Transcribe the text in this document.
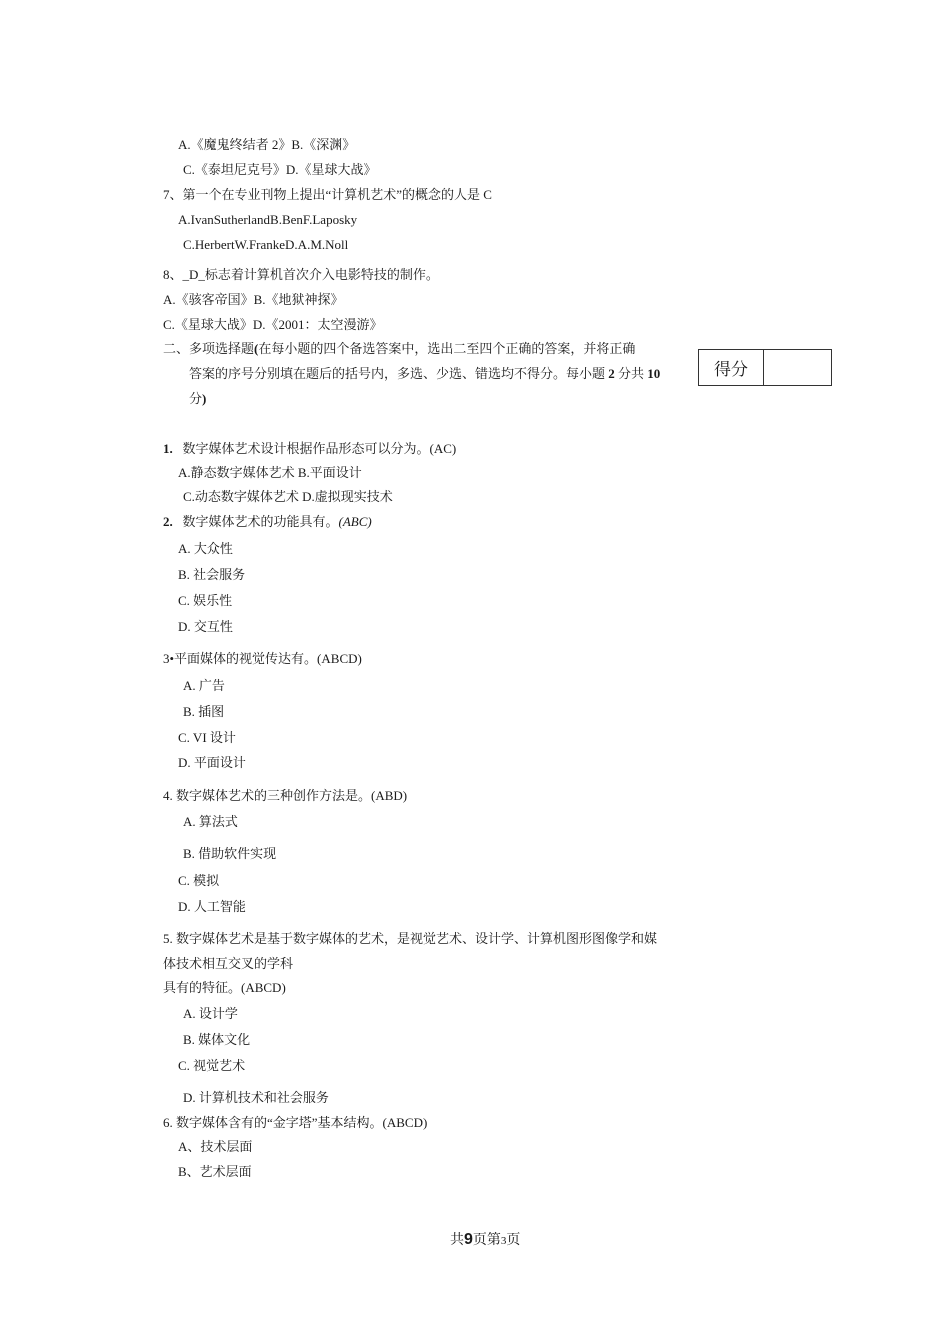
A.《魔鬼终结者 2》B.《深渊》
C.《泰坦尼克号》D.《星球大战》
7、第一个在专业刊物上提出“计算机艺术”的概念的人是 C
A.IvanSutherlandB.BenF.Laposky
C.HerbertW.FrankeD.A.M.Noll
8、_D_标志着计算机首次介入电影特技的制作。
A.《骇客帝国》B.《地狱神探》
C.《星球大战》D.《2001：太空漫游》
二、多项选择题(在每小题的四个备选答案中，选出二至四个正确的答案，并将正确
答案的序号分别填在题后的括号内，多选、少选、错选均不得分。每小题 2 分共 10
分)
得分
1. 数字媒体艺术设计根据作品形态可以分为。(AC)
A.静态数字媒体艺术 B.平面设计
C.动态数字媒体艺术 D.虚拟现实技术
2. 数字媒体艺术的功能具有。(ABC)
A. 大众性
B. 社会服务
C. 娱乐性
D. 交互性
3•平面媒体的视觉传达有。(ABCD)
A. 广告
B. 插图
C. VI 设计
D. 平面设计
4. 数字媒体艺术的三种创作方法是。(ABD)
A. 算法式
B. 借助软件实现
C. 模拟
D. 人工智能
5. 数字媒体艺术是基于数字媒体的艺术，是视觉艺术、设计学、计算机图形图像学和媒
体技术相互交叉的学科
具有的特征。(ABCD)
A. 设计学
B. 媒体文化
C. 视觉艺术
D. 计算机技术和社会服务
6. 数字媒体含有的“金字塔”基本结构。(ABCD)
A、技术层面
B、艺术层面
共9页第3页
